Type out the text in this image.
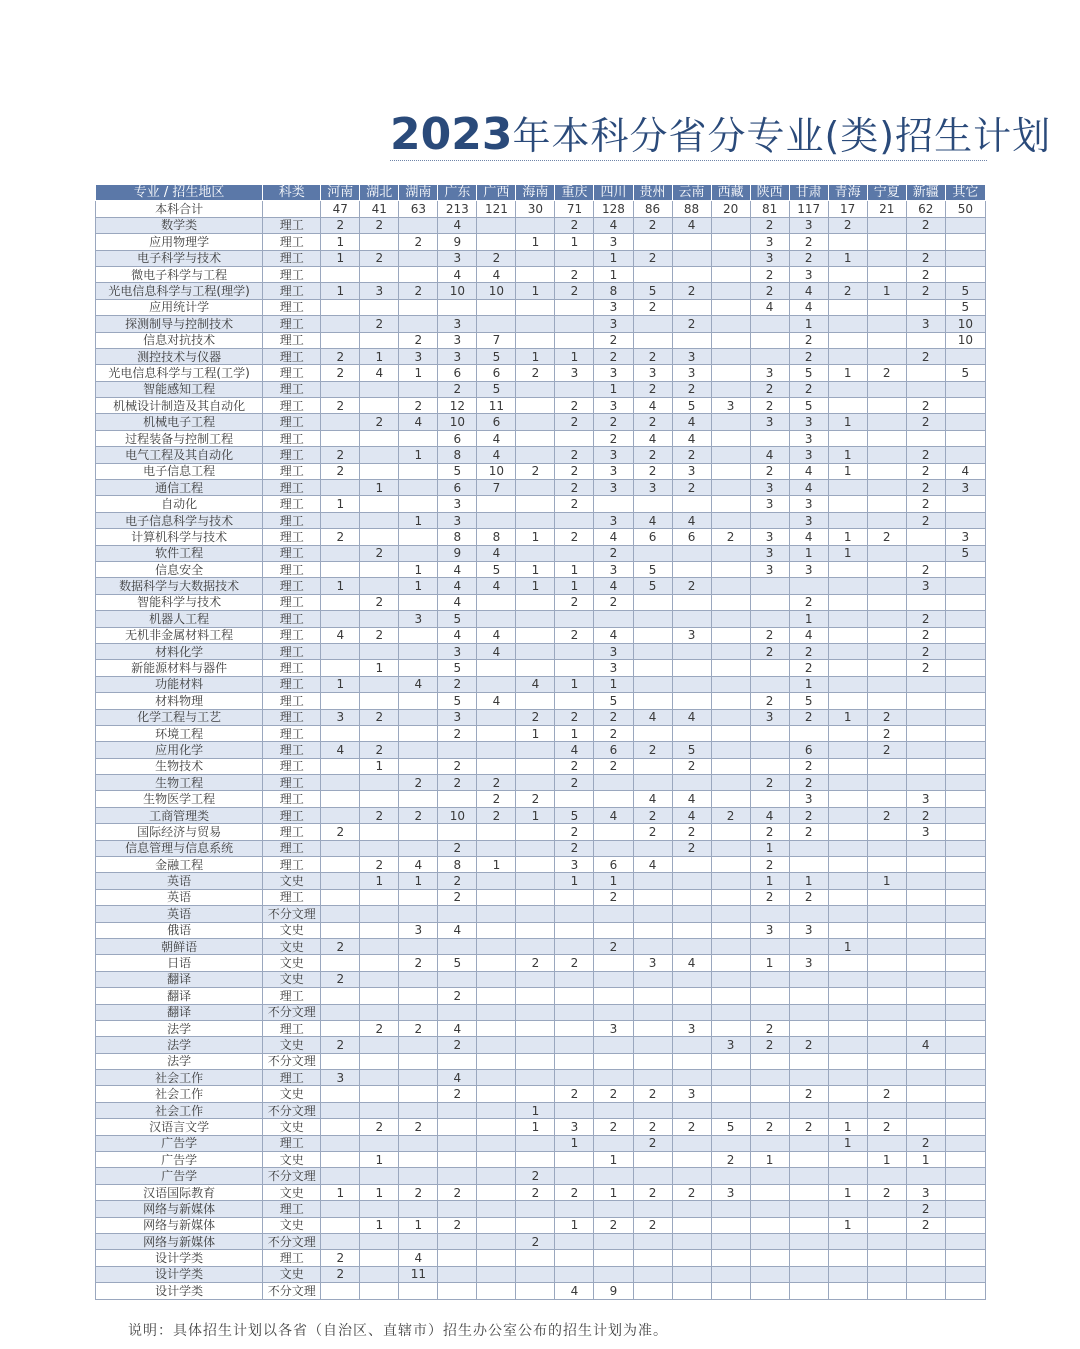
2023年本科分省分专业(类)招生计划
专业 / 招生地区	科类	河南	湖北	湖南	广东	广西	海南	重庆	四川	贵州	云南	西藏	陕西	甘肃	青海	宁夏	新疆	其它
本科合计		47	41	63	213	121	30	71	128	86	88	20	81	117	17	21	62	50
数学类	理工	2	2		4			2	4	2	4		2	3	2		2	
应用物理学	理工	1		2	9		1	1	3				3	2				
电子科学与技术	理工	1	2		3	2			1	2			3	2	1		2	
微电子科学与工程	理工				4	4		2	1				2	3			2	
光电信息科学与工程(理学)	理工	1	3	2	10	10	1	2	8	5	2		2	4	2	1	2	5
应用统计学	理工								3	2			4	4				5
探测制导与控制技术	理工		2		3				3		2			1			3	10
信息对抗技术	理工			2	3	7			2					2				10
测控技术与仪器	理工	2	1	3	3	5	1	1	2	2	3			2			2	
光电信息科学与工程(工学)	理工	2	4	1	6	6	2	3	3	3	3		3	5	1	2		5
智能感知工程	理工				2	5			1	2	2		2	2				
机械设计制造及其自动化	理工	2		2	12	11		2	3	4	5	3	2	5			2	
机械电子工程	理工		2	4	10	6		2	2	2	4		3	3	1		2	
过程装备与控制工程	理工				6	4			2	4	4			3				
电气工程及其自动化	理工	2		1	8	4		2	3	2	2		4	3	1		2	
电子信息工程	理工	2			5	10	2	2	3	2	3		2	4	1		2	4
通信工程	理工		1		6	7		2	3	3	2		3	4			2	3
自动化	理工	1			3			2					3	3			2	
电子信息科学与技术	理工			1	3				3	4	4			3			2	
计算机科学与技术	理工	2			8	8	1	2	4	6	6	2	3	4	1	2		3
软件工程	理工		2		9	4			2				3	1	1			5
信息安全	理工			1	4	5	1	1	3	5			3	3			2	
数据科学与大数据技术	理工	1		1	4	4	1	1	4	5	2						3	
智能科学与技术	理工		2		4			2	2					2				
机器人工程	理工			3	5									1			2	
无机非金属材料工程	理工	4	2		4	4		2	4		3		2	4			2	
材料化学	理工				3	4			3				2	2			2	
新能源材料与器件	理工		1		5				3					2			2	
功能材料	理工	1		4	2		4	1	1					1				
材料物理	理工				5	4			5				2	5				
化学工程与工艺	理工	3	2		3		2	2	2	4	4		3	2	1	2		
环境工程	理工				2		1	1	2							2		
应用化学	理工	4	2					4	6	2	5			6		2		
生物技术	理工		1		2			2	2		2			2				
生物工程	理工			2	2	2		2					2	2				
生物医学工程	理工					2	2			4	4			3			3	
工商管理类	理工		2	2	10	2	1	5	4	2	4	2	4	2		2	2	
国际经济与贸易	理工	2						2		2	2		2	2			3	
信息管理与信息系统	理工				2			2			2		1					
金融工程	理工		2	4	8	1		3	6	4			2					
英语	文史		1	1	2			1	1				1	1		1		
英语	理工				2				2				2	2				
英语	不分文理																	
俄语	文史			3	4								3	3				
朝鲜语	文史	2							2						1			
日语	文史			2	5		2	2		3	4		1	3				
翻译	文史	2																
翻译	理工				2													
翻译	不分文理																	
法学	理工		2	2	4				3		3		2					
法学	文史	2			2							3	2	2			4	
法学	不分文理																	
社会工作	理工	3			4													
社会工作	文史				2			2	2	2	3			2		2		
社会工作	不分文理						1											
汉语言文学	文史		2	2			1	3	2	2	2	5	2	2	1	2		
广告学	理工							1		2					1		2	
广告学	文史		1						1			2	1			1	1	
广告学	不分文理						2											
汉语国际教育	文史	1	1	2	2		2	2	1	2	2	3			1	2	3	
网络与新媒体	理工																2	
网络与新媒体	文史		1	1	2			1	2	2					1		2	
网络与新媒体	不分文理						2											
设计学类	理工	2		4														
设计学类	文史	2		11														
设计学类	不分文理							4	9									
说明：具体招生计划以各省（自治区、直辖市）招生办公室公布的招生计划为准。
